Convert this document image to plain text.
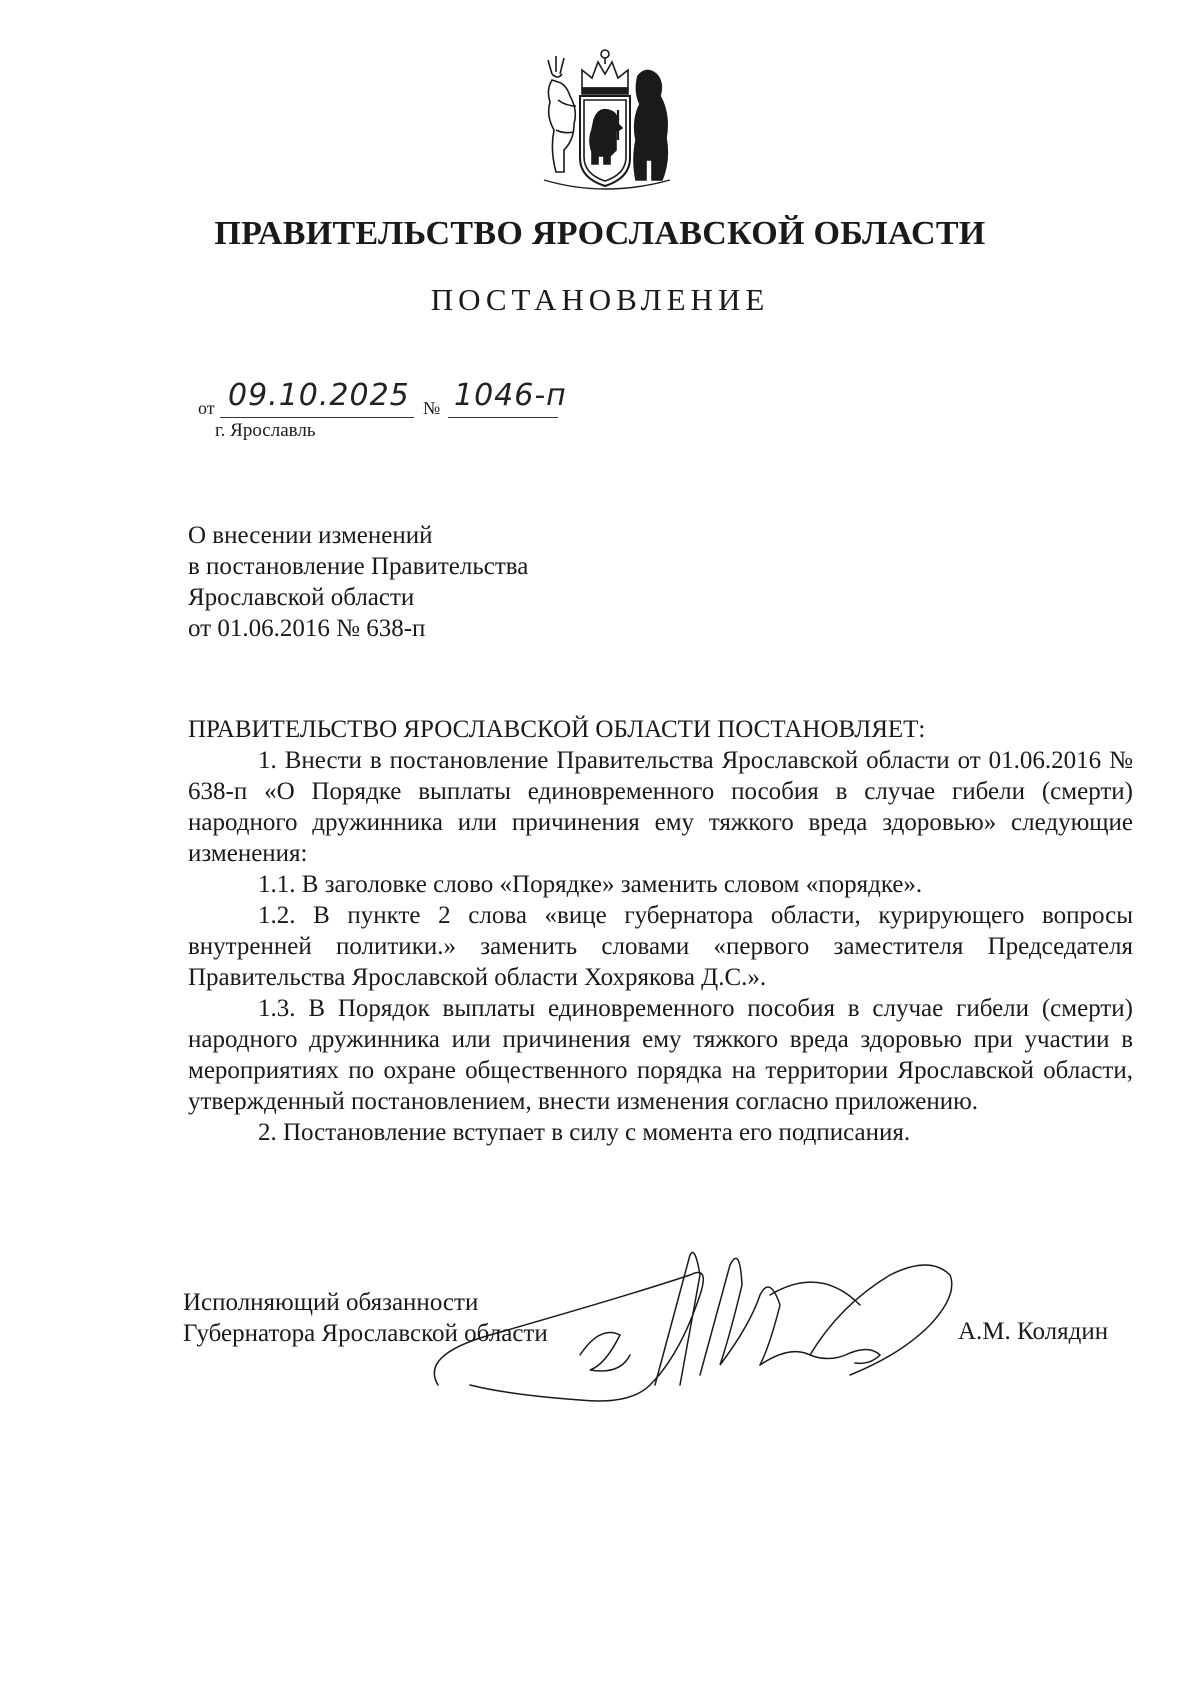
ПРАВИТЕЛЬСТВО ЯРОСЛАВСКОЙ ОБЛАСТИ
ПОСТАНОВЛЕНИЕ
от 09.10.2025 № 1046-п
г. Ярославль
О внесении изменений
в постановление Правительства
Ярославской области
от 01.06.2016 № 638-п
ПРАВИТЕЛЬСТВО ЯРОСЛАВСКОЙ ОБЛАСТИ ПОСТАНОВЛЯЕТ:

1. Внести в постановление Правительства Ярославской области от 01.06.2016 № 638-п «О Порядке выплаты единовременного пособия в случае гибели (смерти) народного дружинника или причинения ему тяжкого вреда здоровью» следующие изменения:

1.1. В заголовке слово «Порядке» заменить словом «порядке».

1.2. В пункте 2 слова «вице губернатора области, курирующего вопросы внутренней политики.» заменить словами «первого заместителя Председателя Правительства Ярославской области Хохрякова Д.С.».

1.3. В Порядок выплаты единовременного пособия в случае гибели (смерти) народного дружинника или причинения ему тяжкого вреда здоровью при участии в мероприятиях по охране общественного порядка на территории Ярославской области, утвержденный постановлением, внести изменения согласно приложению.

2. Постановление вступает в силу с момента его подписания.

Исполняющий обязанности
Губернатора Ярославской области	А.М. Колядин
